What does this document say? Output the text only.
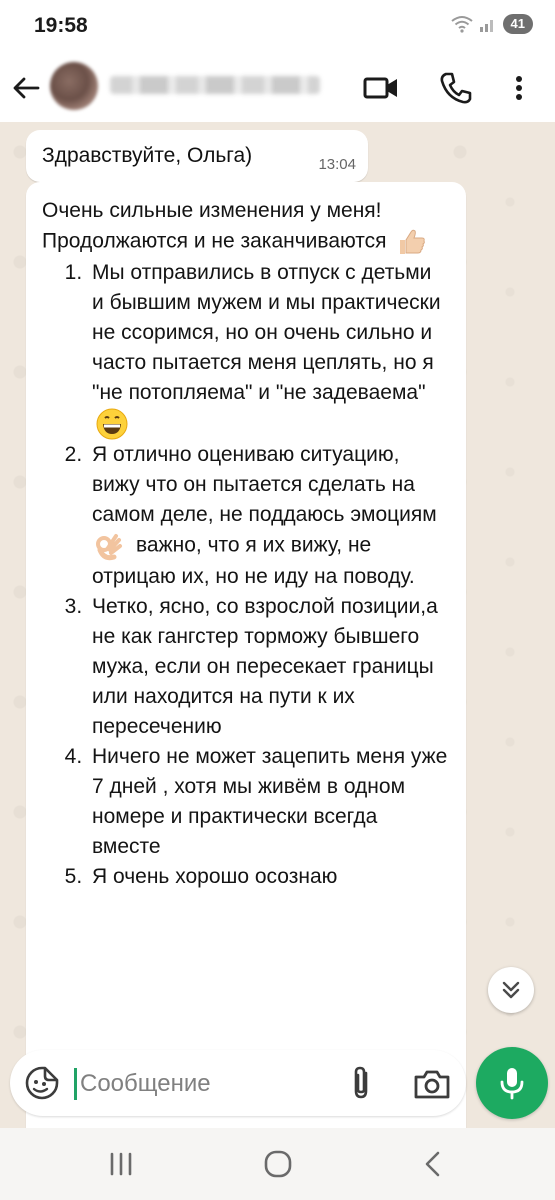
19:58	41
Здравствуйте, Ольга)	13:04

Очень сильные изменения у меня! Продолжаются и не заканчиваются

1. Мы отправились в отпуск с детьми и бывшим мужем и мы практически не ссоримся, но он очень сильно и часто пытается меня цеплять, но я "не потопляема" и "не задеваема"
2. Я отлично оцениваю ситуацию, вижу что он пытается сделать на самом деле, не поддаюсь эмоциям
важно, что я их вижу, не отрицаю их, но не иду на поводу.
3. Четко, ясно, со взрослой позиции,а не как гангстер торможу бывшего мужа, если он пересекает границы или находится на пути к их пересечению
4. Ничего не может зацепить меня уже 7 дней , хотя мы живём в одном номере и практически всегда вместе
5. Я очень хорошо осознаю
Сообщение
